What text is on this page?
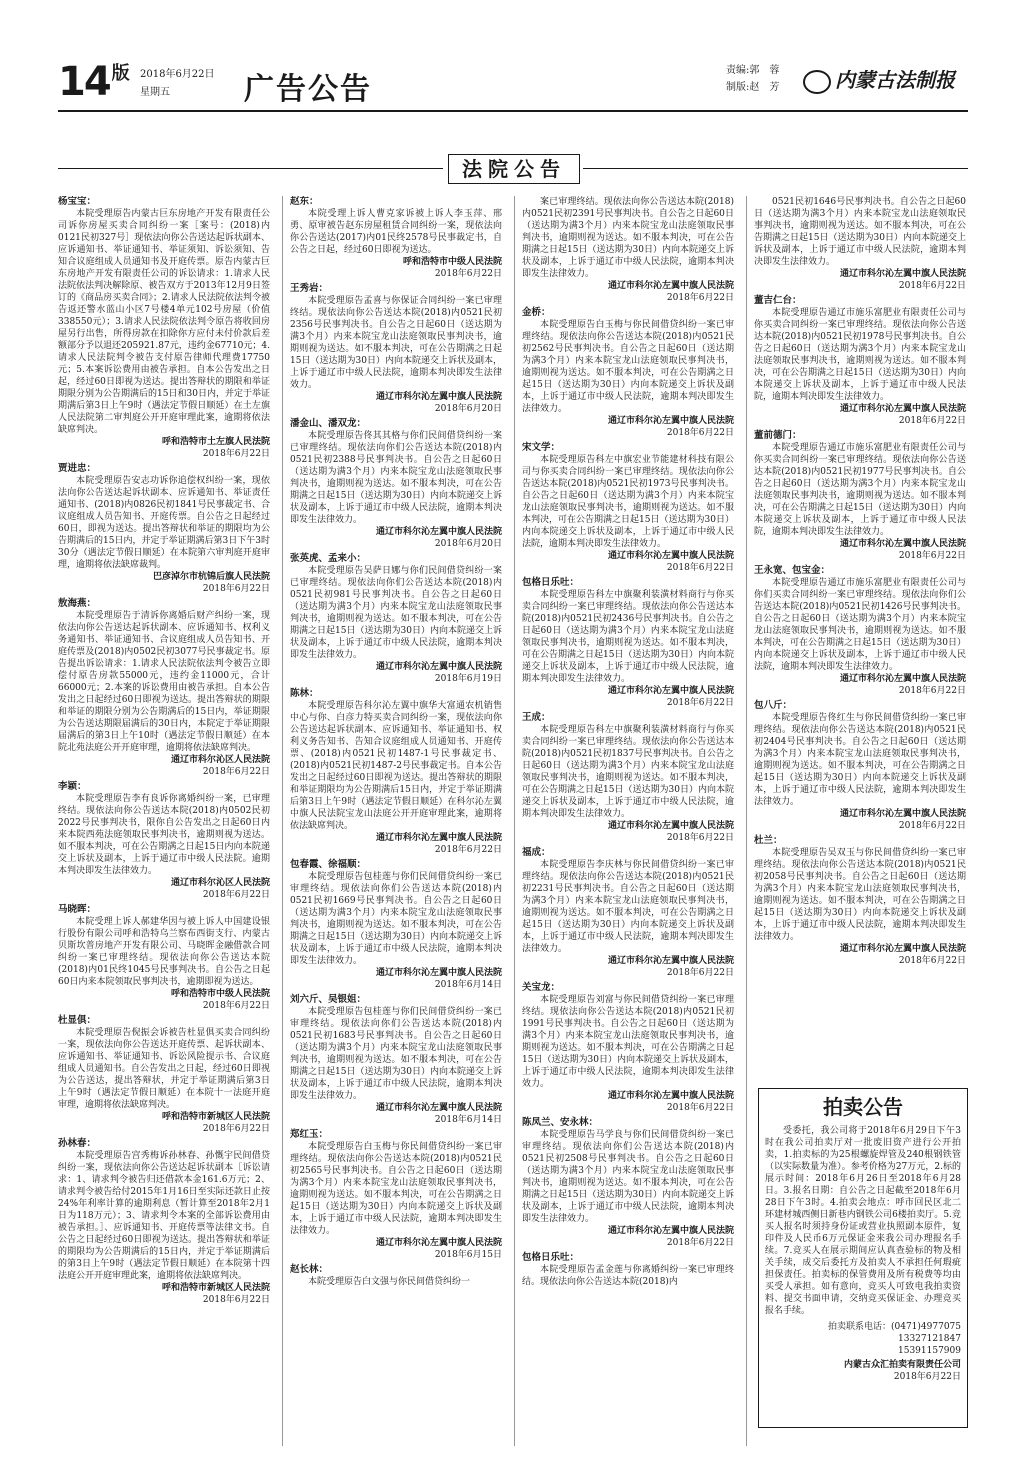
14 版 2018年6月22日
星期五	广告公告
责编:郭　蓉
制版:赵　芳	内蒙古法制报
法院公告
杨宝宝：
本院受理原告内蒙古巨东房地产开发有限责任公司诉你房屋买卖合同纠纷一案［案号：(2018)内0121民初327号］现依法向你公告送达起诉状副本、应诉通知书、举证通知书、举证须知、诉讼须知、告知合议庭组成人员通知书及开庭传票。原告内蒙古巨东房地产开发有限责任公司的诉讼请求：1.请求人民法院依法判决解除原、被告双方于2013年12月9日签订的《商品房买卖合同》；2.请求人民法院依法判令被告返还警水蓝山小区7号楼4单元102号房屋（价值338550元）；3.请求人民法院依法判令原告将收回房屋另行出售，所得房款在扣除你方应付未付价款后差额部分予以退还205921.87元，违约金67710元；4.请求人民法院判令被告支付原告律师代理费17750元；5.本案诉讼费用由被告承担。自本公告发出之日起，经过60日即视为送达。提出答辩状的期限和举证期限分别为公告期满后的15日和30日内，并定于举证期满后第3日上午9时（遇法定节假日顺延）在土左旗人民法院第二审判庭公开开庭审理此案，逾期将依法缺席判决。
呼和浩特市土左旗人民法院
2018年6月22日
贾进忠：
本院受理原告安志功诉你追偿权纠纷一案，现依法向你公告送达起诉状副本、应诉通知书、举证责任通知书、(2018)内0826民初1841号民事裁定书、合议庭组成人员告知书、开庭传票。自公告之日起经过60日，即视为送达。提出答辩状和举证的期限均为公告期满后的15日内，并定于举证期满后第3日下午3时30分（遇法定节假日顺延）在本院第六审判庭开庭审理，逾期将依法缺席裁判。
巴彦淖尔市杭锦后旗人民法院
2018年6月22日
敖海燕：
本院受理原告于清诉你离婚后财产纠纷一案，现依法向你公告送达起诉状副本、应诉通知书、权利义务通知书、举证通知书、合议庭组成人员告知书、开庭传票及(2018)内0502民初3077号民事裁定书。原告提出诉讼请求：1.请求人民法院依法判令被告立即偿付原告房款55000元，违约金11000元，合计66000元；2.本案的诉讼费用由被告承担。自本公告发出之日起经过60日即视为送达。提出答辩状的期限和举证的期限分别为公告期满后的15日内，举证期限为公告送达期限届满后的30日内，本院定于举证期限届满后的第3日上午10时（遇法定节假日顺延）在本院北苑法庭公开开庭审理，逾期将依法缺席判决。
通辽市科尔沁区人民法院
2018年6月22日
李颖：
本院受理原告李有良诉你离婚纠纷一案，已审理终结。现依法向你公告送达本院(2018)内0502民初2022号民事判决书，限你自公告发出之日起60日内来本院西苑法庭领取民事判决书，逾期则视为送达。如不服本判决，可在公告期满之日起15日内向本院递交上诉状及副本，上诉于通辽市中级人民法院。逾期本判决即发生法律效力。
通辽市科尔沁区人民法院
2018年6月22日
马晓晖：
本院受理上诉人郝建华因与被上诉人中国建设银行股份有限公司呼和浩特乌兰察布西街支行、内蒙古贝斯坎普房地产开发有限公司、马晓晖金融借款合同纠纷一案已审理终结。现依法向你公告送达本院(2018)内01民终1045号民事判决书。自公告之日起60日内来本院领取民事判决书，逾期即视为送达。
呼和浩特市中级人民法院
2018年6月22日
杜显俱：
本院受理原告倪振会诉被告杜显俱买卖合同纠纷一案，现依法向你公告送达开庭传票、起诉状副本、应诉通知书、举证通知书、诉讼风险提示书、合议庭组成人员通知书。自公告发出之日起，经过60日即视为公告送达，提出答辩状，并定于举证期满后第3日上午9时（遇法定节假日顺延）在本院十一法庭开庭审理，逾期将依法缺席判决。
呼和浩特市新城区人民法院
2018年6月22日
孙林春：
本院受理原告宫秀梅诉孙林春、孙慨宇民间借贷纠纷一案，现依法向你公告送达起诉状副本［诉讼请求：1、请求判令被告归还借款本金161.6万元；2、请求判令被告给付2015年1月16日至实际还款日止按24%年利率计算的逾期利息（暂计算至2018年2月1日为118万元）；3、请求判令本案的全部诉讼费用由被告承担。］、应诉通知书、开庭传票等法律文书。自公告之日起经过60日即视为送达。提出答辩状和举证的期限均为公告期满后的15日内，并定于举证期满后的第3日上午9时（遇法定节假日顺延）在本院第十四法庭公开开庭审理此案，逾期将依法缺席判决。
呼和浩特市新城区人民法院
2018年6月22日
赵东：
本院受理上诉人曹克家诉被上诉人李玉萍、邢勇、原审被告赵东房屋租赁合同纠纷一案，现依法向你公告送达(2017)内01民终2578号民事裁定书，自公告之日起，经过60日即视为送达。
呼和浩特市中级人民法院
2018年6月22日
王秀岩：
本院受理原告孟喜与你保证合同纠纷一案已审理终结。现依法向你公告送达本院(2018)内0521民初2356号民事判决书。自公告之日起60日（送达期为满3个月）内来本院宝龙山法庭领取民事判决书，逾期则视为送达。如不服本判决，可在公告期满之日起15日（送达期为30日）内向本院递交上诉状及副本，上诉于通辽市中级人民法院，逾期本判决即发生法律效力。
通辽市科尔沁左翼中旗人民法院
2018年6月20日
潘金山、潘双龙：
本院受理原告佟其其格与你们民间借贷纠纷一案已审理终结。现依法向你们公告送达本院(2018)内0521民初2388号民事判决书。自公告之日起60日（送达期为满3个月）内来本院宝龙山法庭领取民事判决书，逾期则视为送达。如不服本判决，可在公告期满之日起15日（送达期为30日）内向本院递交上诉状及副本，上诉于通辽市中级人民法院，逾期本判决即发生法律效力。
通辽市科尔沁左翼中旗人民法院
2018年6月20日
张英虎、孟来小：
本院受理原告吴萨日娜与你们民间借贷纠纷一案已审理终结。现依法向你们公告送达本院(2018)内0521民初981号民事判决书。自公告之日起60日（送达期为满3个月）内来本院宝龙山法庭领取民事判决书，逾期则视为送达。如不服本判决，可在公告期满之日起15日（送达期为30日）内向本院递交上诉状及副本，上诉于通辽市中级人民法院，逾期本判决即发生法律效力。
通辽市科尔沁左翼中旗人民法院
2018年6月19日
陈林：
本院受理原告科尔沁左翼中旗华大富通农机销售中心与你、白彦力特买卖合同纠纷一案，现依法向你公告送达起诉状副本、应诉通知书、举证通知书、权利义务告知书、告知合议庭组成人员通知书、开庭传票、(2018)内0521民初1487-1号民事裁定书、(2018)内0521民初1487-2号民事裁定书。自本公告发出之日起经过60日即视为送达。提出答辩状的期限和举证期限均为公告期满后15日内，并定于举证期满后第3日上午9时（遇法定节假日顺延）在科尔沁左翼中旗人民法院宝龙山法庭公开开庭审理此案，逾期将依法缺席判决。
通辽市科尔沁左翼中旗人民法院
2018年6月22日
包春霞、徐福顺：
本院受理原告包桂莲与你们民间借贷纠纷一案已审理终结。现依法向你们公告送达本院(2018)内0521民初1669号民事判决书。自公告之日起60日（送达期为满3个月）内来本院宝龙山法庭领取民事判决书，逾期则视为送达。如不服本判决，可在公告期满之日起15日（送达期为30日）内向本院递交上诉状及副本，上诉于通辽市中级人民法院，逾期本判决即发生法律效力。
通辽市科尔沁左翼中旗人民法院
2018年6月14日
刘六斤、吴银姐：
本院受理原告包桂莲与你们民间借贷纠纷一案已审理终结。现依法向你们公告送达本院(2018)内0521民初1683号民事判决书。自公告之日起60日（送达期为满3个月）内来本院宝龙山法庭领取民事判决书，逾期则视为送达。如不服本判决，可在公告期满之日起15日（送达期为30日）内向本院递交上诉状及副本，上诉于通辽市中级人民法院，逾期本判决即发生法律效力。
通辽市科尔沁左翼中旗人民法院
2018年6月14日
郑红玉：
本院受理原告白玉梅与你民间借贷纠纷一案已审理终结。现依法向你公告送达本院(2018)内0521民初2565号民事判决书。自公告之日起60日（送达期为满3个月）内来本院宝龙山法庭领取民事判决书，逾期则视为送达。如不服本判决，可在公告期满之日起15日（送达期为30日）内向本院递交上诉状及副本，上诉于通辽市中级人民法院，逾期本判决即发生法律效力。
通辽市科尔沁左翼中旗人民法院
2018年6月15日
赵长林：
本院受理原告白文强与你民间借贷纠纷一
案已审理终结。现依法向你公告送达本院(2018)内0521民初2391号民事判决书。自公告之日起60日（送达期为满3个月）内来本院宝龙山法庭领取民事判决书，逾期则视为送达。如不服本判决，可在公告期满之日起15日（送达期为30日）内向本院递交上诉状及副本，上诉于通辽市中级人民法院，逾期本判决即发生法律效力。
通辽市科尔沁左翼中旗人民法院
2018年6月22日
金桥：
本院受理原告白玉梅与你民间借贷纠纷一案已审理终结。现依法向你公告送达本院(2018)内0521民初2562号民事判决书。自公告之日起60日（送达期为满3个月）内来本院宝龙山法庭领取民事判决书，逾期则视为送达。如不服本判决，可在公告期满之日起15日（送达期为30日）内向本院递交上诉状及副本，上诉于通辽市中级人民法院，逾期本判决即发生法律效力。
通辽市科尔沁左翼中旗人民法院
2018年6月22日
宋文学：
本院受理原告科左中旗宏业节能建材科技有限公司与你买卖合同纠纷一案已审理终结。现依法向你公告送达本院(2018)内0521民初1973号民事判决书。自公告之日起60日（送达期为满3个月）内来本院宝龙山法庭领取民事判决书，逾期则视为送达。如不服本判决，可在公告期满之日起15日（送达期为30日）内向本院递交上诉状及副本，上诉于通辽市中级人民法院，逾期本判决即发生法律效力。
通辽市科尔沁左翼中旗人民法院
2018年6月22日
包格日乐吐：
本院受理原告科左中旗聚利装潢材料商行与你买卖合同纠纷一案已审理终结。现依法向你公告送达本院(2018)内0521民初2436号民事判决书。自公告之日起60日（送达期为满3个月）内来本院宝龙山法庭领取民事判决书，逾期则视为送达。如不服本判决，可在公告期满之日起15日（送达期为30日）内向本院递交上诉状及副本，上诉于通辽市中级人民法院，逾期本判决即发生法律效力。
通辽市科尔沁左翼中旗人民法院
2018年6月22日
王成：
本院受理原告科左中旗聚利装潢材料商行与你买卖合同纠纷一案已审理终结。现依法向你公告送达本院(2018)内0521民初1837号民事判决书。自公告之日起60日（送达期为满3个月）内来本院宝龙山法庭领取民事判决书，逾期则视为送达。如不服本判决，可在公告期满之日起15日（送达期为30日）内向本院递交上诉状及副本，上诉于通辽市中级人民法院，逾期本判决即发生法律效力。
通辽市科尔沁左翼中旗人民法院
2018年6月22日
福成：
本院受理原告李庆林与你民间借贷纠纷一案已审理终结。现依法向你公告送达本院(2018)内0521民初2231号民事判决书。自公告之日起60日（送达期为满3个月）内来本院宝龙山法庭领取民事判决书，逾期则视为送达。如不服本判决，可在公告期满之日起15日（送达期为30日）内向本院递交上诉状及副本，上诉于通辽市中级人民法院，逾期本判决即发生法律效力。
通辽市科尔沁左翼中旗人民法院
2018年6月22日
关宝龙：
本院受理原告刘富与你民间借贷纠纷一案已审理终结。现依法向你公告送达本院(2018)内0521民初1991号民事判决书。自公告之日起60日（送达期为满3个月）内来本院宝龙山法庭领取民事判决书，逾期则视为送达。如不服本判决，可在公告期满之日起15日（送达期为30日）内向本院递交上诉状及副本，上诉于通辽市中级人民法院，逾期本判决即发生法律效力。
通辽市科尔沁左翼中旗人民法院
2018年6月22日
陈凤兰、安永林：
本院受理原告马学良与你们民间借贷纠纷一案已审理终结。现依法向你们公告送达本院(2018)内0521民初2508号民事判决书。自公告之日起60日（送达期为满3个月）内来本院宝龙山法庭领取民事判决书，逾期则视为送达。如不服本判决，可在公告期满之日起15日（送达期为30日）内向本院递交上诉状及副本，上诉于通辽市中级人民法院，逾期本判决即发生法律效力。
通辽市科尔沁左翼中旗人民法院
2018年6月22日
包格日乐吐：
本院受理原告孟金莲与你离婚纠纷一案已审理终结。现依法向你公告送达本院(2018)内
0521民初1646号民事判决书。自公告之日起60日（送达期为满3个月）内来本院宝龙山法庭领取民事判决书，逾期则视为送达。如不服本判决，可在公告期满之日起15日（送达期为30日）内向本院递交上诉状及副本，上诉于通辽市中级人民法院，逾期本判决即发生法律效力。
通辽市科尔沁左翼中旗人民法院
2018年6月22日
董吉仁台：
本院受理原告通辽市施乐富肥业有限责任公司与你买卖合同纠纷一案已审理终结。现依法向你公告送达本院(2018)内0521民初1978号民事判决书。自公告之日起60日（送达期为满3个月）内来本院宝龙山法庭领取民事判决书，逾期则视为送达。如不服本判决，可在公告期满之日起15日（送达期为30日）内向本院递交上诉状及副本，上诉于通辽市中级人民法院，逾期本判决即发生法律效力。
通辽市科尔沁左翼中旗人民法院
2018年6月22日
董前德门：
本院受理原告通辽市施乐富肥业有限责任公司与你买卖合同纠纷一案已审理终结。现依法向你公告送达本院(2018)内0521民初1977号民事判决书。自公告之日起60日（送达期为满3个月）内来本院宝龙山法庭领取民事判决书，逾期则视为送达。如不服本判决，可在公告期满之日起15日（送达期为30日）内向本院递交上诉状及副本，上诉于通辽市中级人民法院，逾期本判决即发生法律效力。
通辽市科尔沁左翼中旗人民法院
2018年6月22日
王永宽、包宝金：
本院受理原告通辽市施乐富肥业有限责任公司与你们买卖合同纠纷一案已审理终结。现依法向你们公告送达本院(2018)内0521民初1426号民事判决书。自公告之日起60日（送达期为满3个月）内来本院宝龙山法庭领取民事判决书，逾期则视为送达。如不服本判决，可在公告期满之日起15日（送达期为30日）内向本院递交上诉状及副本，上诉于通辽市中级人民法院，逾期本判决即发生法律效力。
通辽市科尔沁左翼中旗人民法院
2018年6月22日
包八斤：
本院受理原告佟红生与你民间借贷纠纷一案已审理终结。现依法向你公告送达本院(2018)内0521民初2404号民事判决书。自公告之日起60日（送达期为满3个月）内来本院宝龙山法庭领取民事判决书，逾期则视为送达。如不服本判决，可在公告期满之日起15日（送达期为30日）内向本院递交上诉状及副本，上诉于通辽市中级人民法院，逾期本判决即发生法律效力。
通辽市科尔沁左翼中旗人民法院
2018年6月22日
杜兰：
本院受理原告吴双玉与你民间借贷纠纷一案已审理终结。现依法向你公告送达本院(2018)内0521民初2058号民事判决书。自公告之日起60日（送达期为满3个月）内来本院宝龙山法庭领取民事判决书，逾期则视为送达。如不服本判决，可在公告期满之日起15日（送达期为30日）内向本院递交上诉状及副本，上诉于通辽市中级人民法院，逾期本判决即发生法律效力。
通辽市科尔沁左翼中旗人民法院
2018年6月22日
拍卖公告
受委托，我公司将于2018年6月29日下午3时在我公司拍卖厅对一批废旧资产进行公开拍卖，1.拍卖标的为25根螺旋焊管及240根钢铁管（以实际数量为准）。参考价格为27万元，2.标的展示时间：2018年6月26日至2018年6月28日。3.报名日期：自公告之日起截至2018年6月28日下午3时。4.拍卖会地点：呼市回民区北二环建材城西侧日新巷内钢铁公司6楼拍卖厅。5.竞买人报名时须持身份证或营业执照副本原件，复印件及人民币6万元保证金来我公司办理报名手续。7.竞买人在展示期间应认真查验标的物及相关手续，成交后委托方及拍卖人不承担任何瑕疵担保责任。拍卖标的保管费用及所有税费等均由买受人承担。如有意向，竞买人可致电我拍卖资料、提交书面申请，交纳竞买保证金、办理竞买报名手续。
拍卖联系电话：(0471)4977075
13327121847
15391157909
内蒙古众汇拍卖有限责任公司
2018年6月22日
